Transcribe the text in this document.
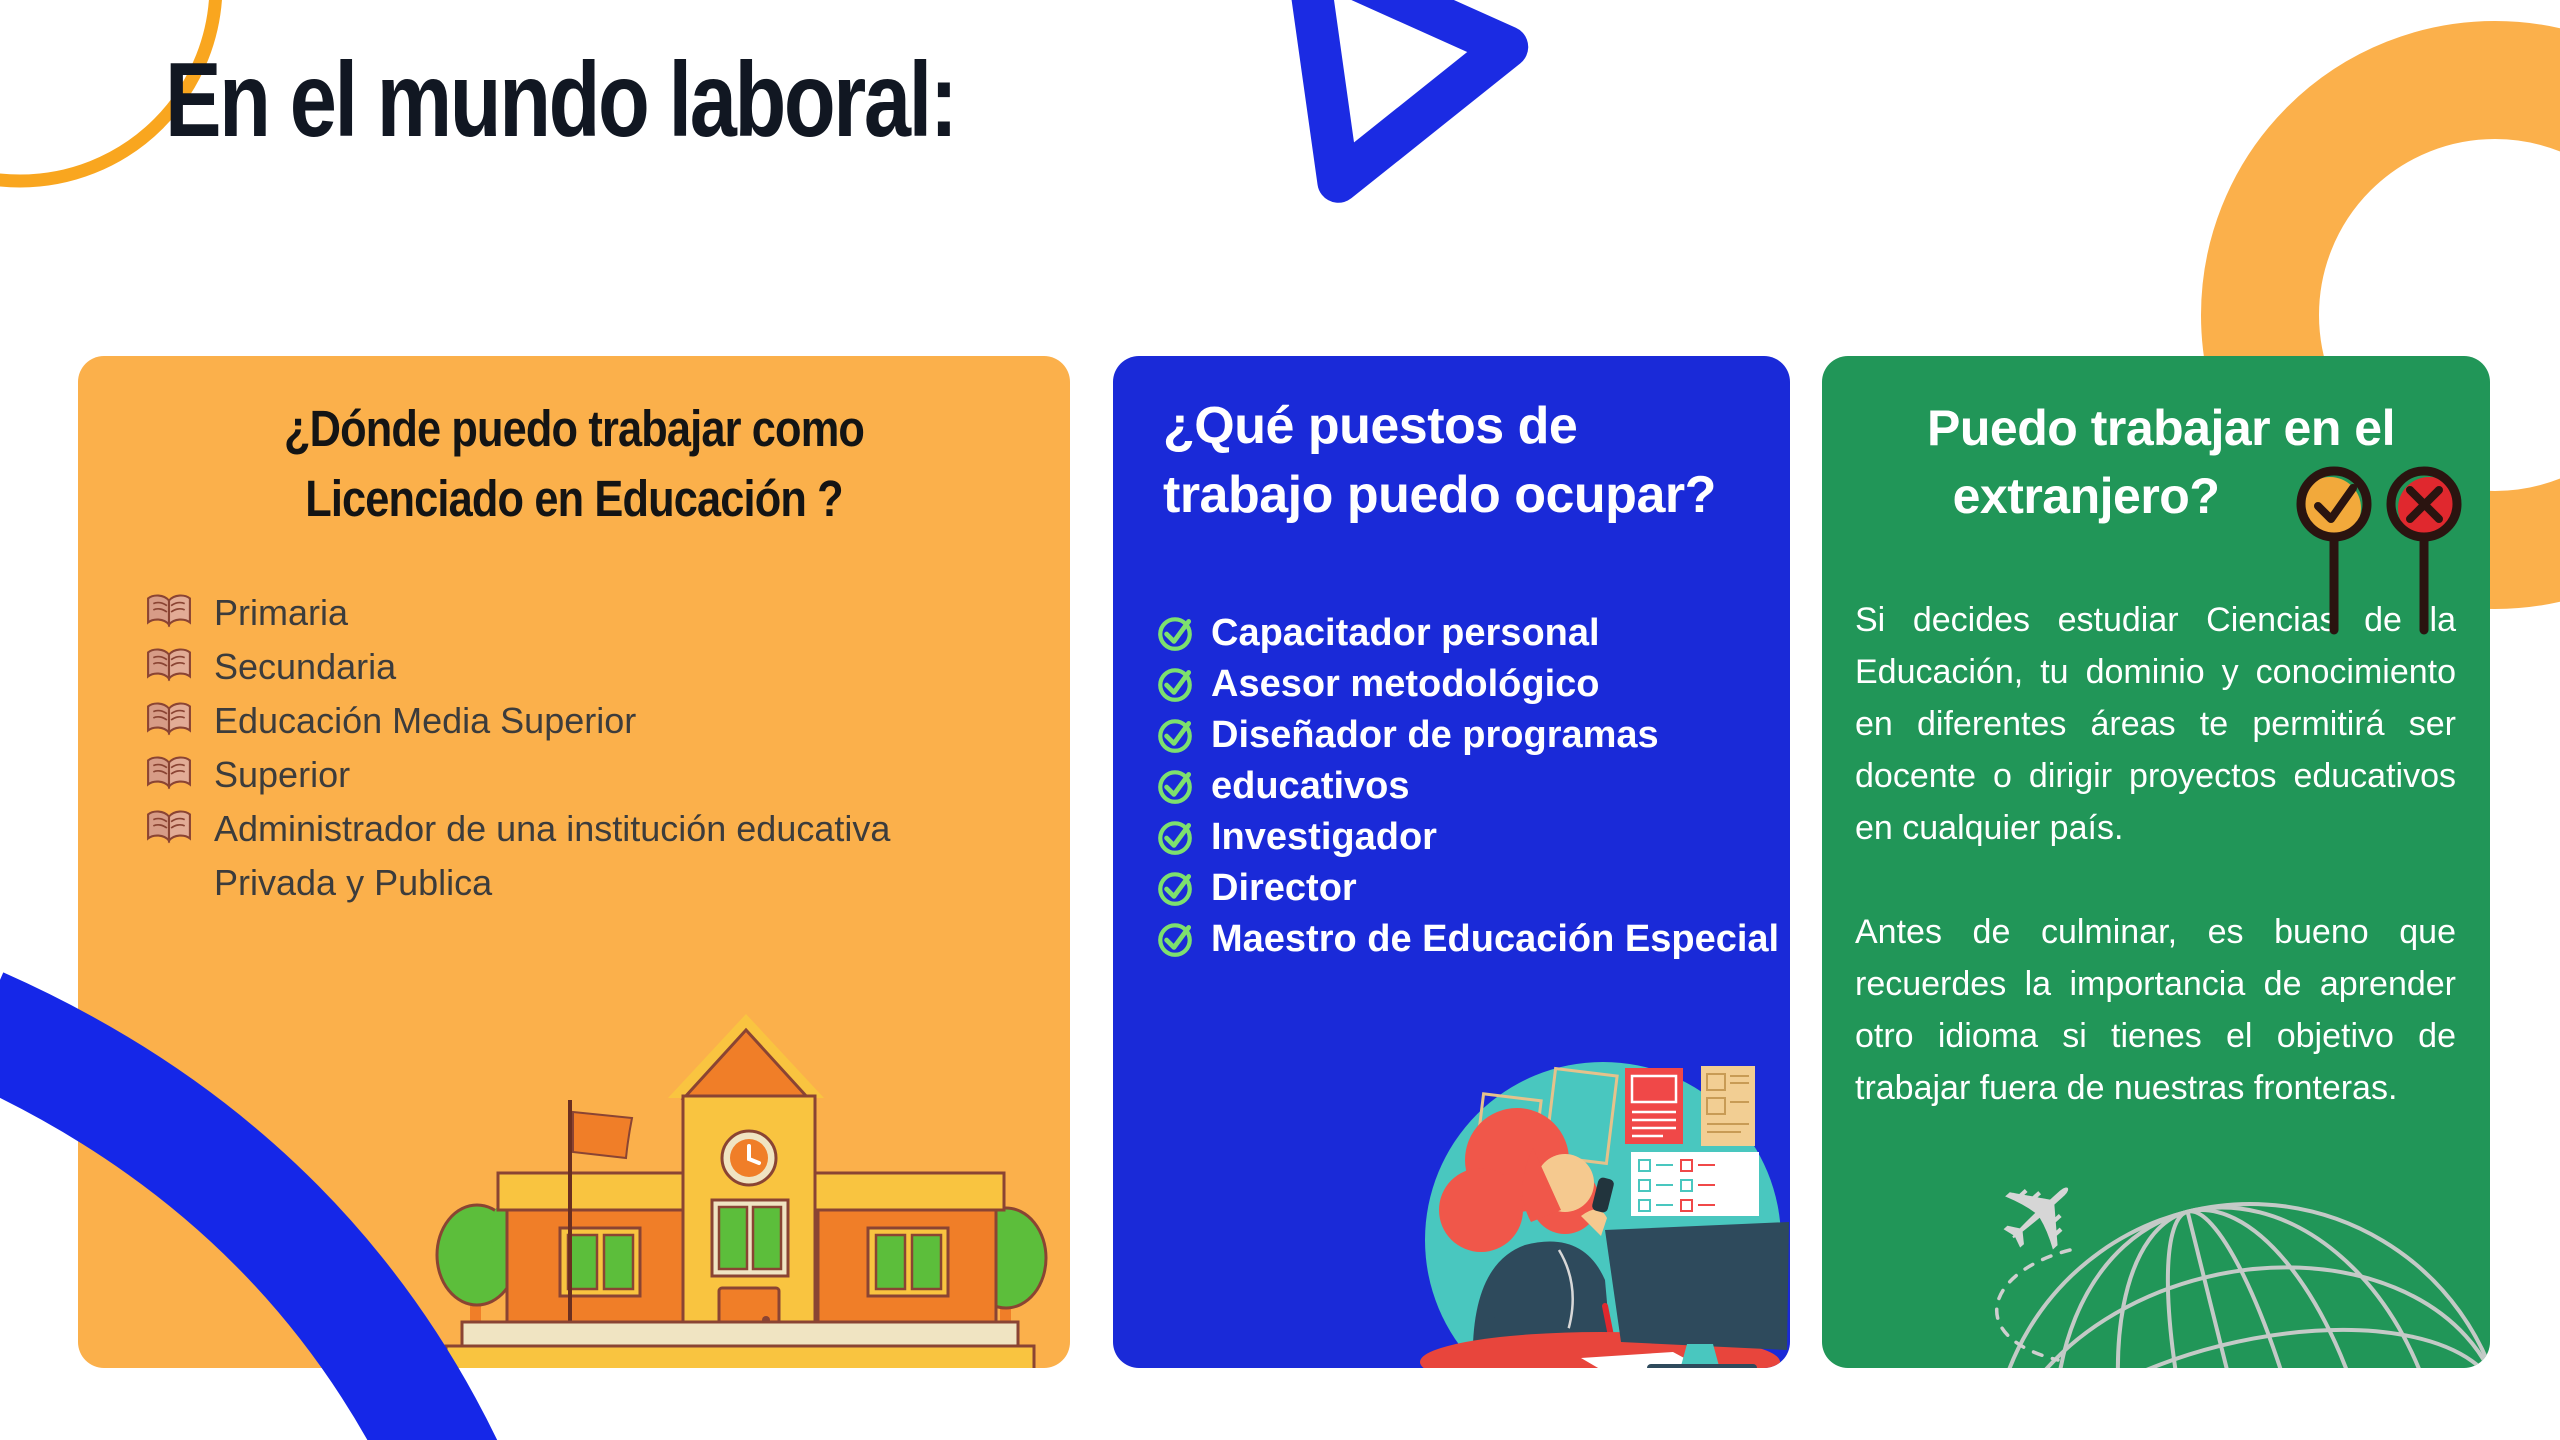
En el mundo laboral:
¿Dónde puedo trabajar como
Licenciado en Educación ?
Primaria
Secundaria
Educación Media Superior
Superior
Administrador de una institución educativa
Privada y Publica
¿Qué puestos de
trabajo puedo ocupar?
Capacitador personal
Asesor metodológico
Diseñador de programas
educativos
Investigador
Director
Maestro de Educación Especial
Puedo trabajar en el
extranjero?

Si decides estudiar Ciencias de la Educación, tu dominio y conocimiento en diferentes áreas te permitirá ser docente o dirigir proyectos educativos en cualquier país.

Antes de culminar, es bueno que recuerdes la importancia de aprender otro idioma si tienes el objetivo de trabajar fuera de nuestras fronteras.

✈
